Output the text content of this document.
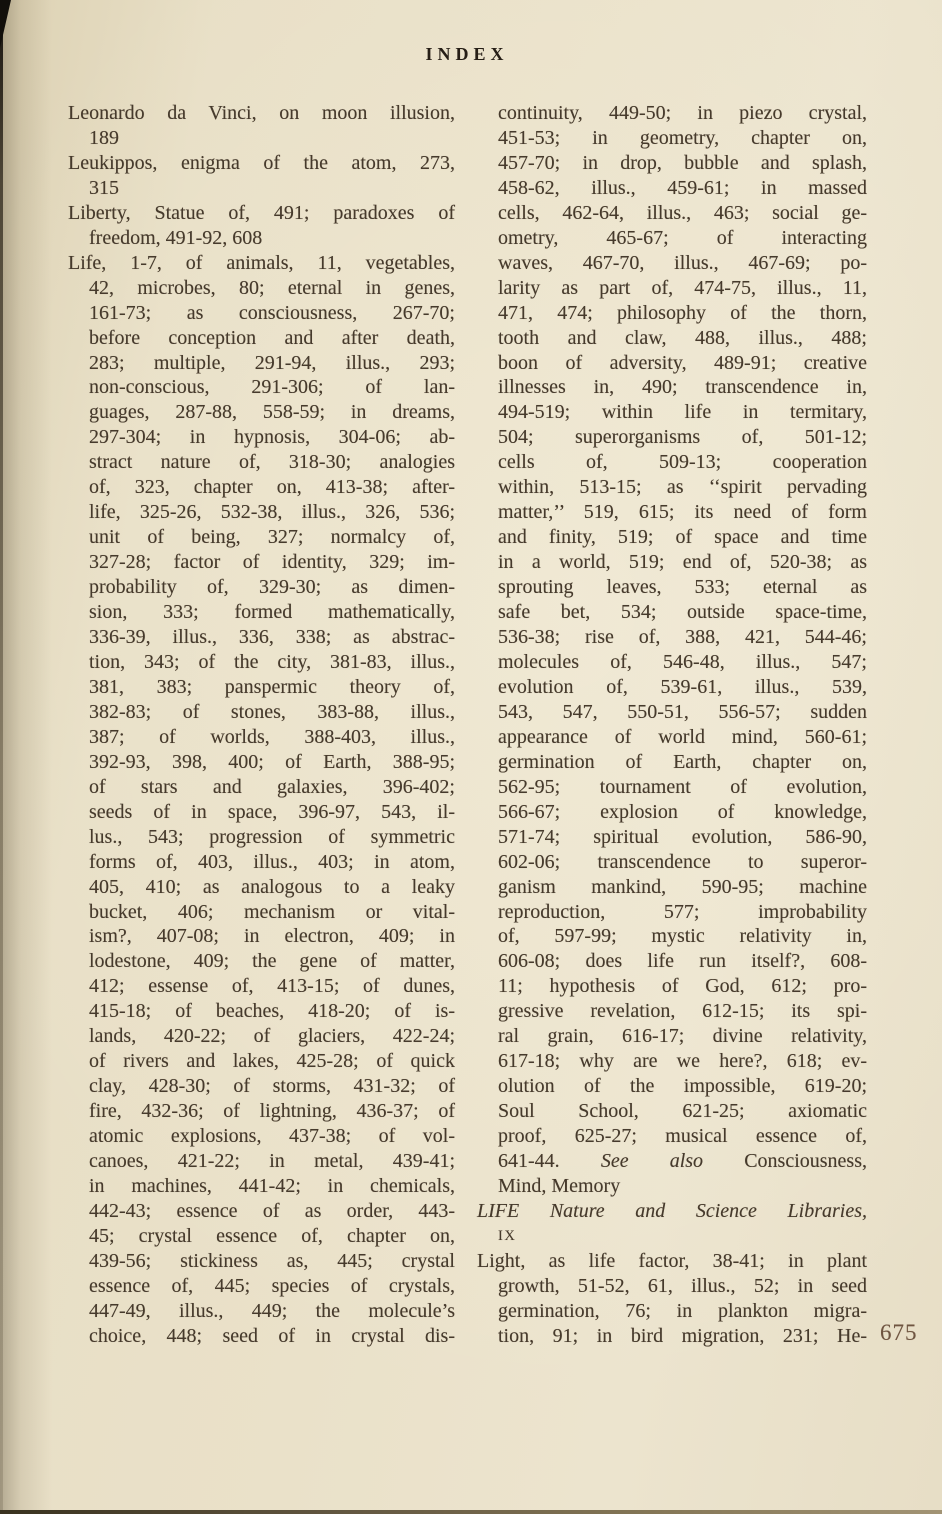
INDEX
Leonardo da Vinci, on moon illusion,
189
Leukippos, enigma of the atom, 273,
315
Liberty, Statue of, 491; paradoxes of
freedom, 491-92, 608
Life, 1-7, of animals, 11, vegetables,
42, microbes, 80; eternal in genes,
161-73; as consciousness, 267-70;
before conception and after death,
283; multiple, 291-94, illus., 293;
non-conscious, 291-306; of lan-
guages, 287-88, 558-59; in dreams,
297-304; in hypnosis, 304-06; ab-
stract nature of, 318-30; analogies
of, 323, chapter on, 413-38; after-
life, 325-26, 532-38, illus., 326, 536;
unit of being, 327; normalcy of,
327-28; factor of identity, 329; im-
probability of, 329-30; as dimen-
sion, 333; formed mathematically,
336-39, illus., 336, 338; as abstrac-
tion, 343; of the city, 381-83, illus.,
381, 383; panspermic theory of,
382-83; of stones, 383-88, illus.,
387; of worlds, 388-403, illus.,
392-93, 398, 400; of Earth, 388-95;
of stars and galaxies, 396-402;
seeds of in space, 396-97, 543, il-
lus., 543; progression of symmetric
forms of, 403, illus., 403; in atom,
405, 410; as analogous to a leaky
bucket, 406; mechanism or vital-
ism?, 407-08; in electron, 409; in
lodestone, 409; the gene of matter,
412; essense of, 413-15; of dunes,
415-18; of beaches, 418-20; of is-
lands, 420-22; of glaciers, 422-24;
of rivers and lakes, 425-28; of quick
clay, 428-30; of storms, 431-32; of
fire, 432-36; of lightning, 436-37; of
atomic explosions, 437-38; of vol-
canoes, 421-22; in metal, 439-41;
in machines, 441-42; in chemicals,
442-43; essence of as order, 443-
45; crystal essence of, chapter on,
439-56; stickiness as, 445; crystal
essence of, 445; species of crystals,
447-49, illus., 449; the molecule’s
choice, 448; seed of in crystal dis-
continuity, 449-50; in piezo crystal,
451-53; in geometry, chapter on,
457-70; in drop, bubble and splash,
458-62, illus., 459-61; in massed
cells, 462-64, illus., 463; social ge-
ometry, 465-67; of interacting
waves, 467-70, illus., 467-69; po-
larity as part of, 474-75, illus., 11,
471, 474; philosophy of the thorn,
tooth and claw, 488, illus., 488;
boon of adversity, 489-91; creative
illnesses in, 490; transcendence in,
494-519; within life in termitary,
504; superorganisms of, 501-12;
cells of, 509-13; cooperation
within, 513-15; as ‘‘spirit pervading
matter,’’ 519, 615; its need of form
and finity, 519; of space and time
in a world, 519; end of, 520-38; as
sprouting leaves, 533; eternal as
safe bet, 534; outside space-time,
536-38; rise of, 388, 421, 544-46;
molecules of, 546-48, illus., 547;
evolution of, 539-61, illus., 539,
543, 547, 550-51, 556-57; sudden
appearance of world mind, 560-61;
germination of Earth, chapter on,
562-95; tournament of evolution,
566-67; explosion of knowledge,
571-74; spiritual evolution, 586-90,
602-06; transcendence to superor-
ganism mankind, 590-95; machine
reproduction, 577; improbability
of, 597-99; mystic relativity in,
606-08; does life run itself?, 608-
11; hypothesis of God, 612; pro-
gressive revelation, 612-15; its spi-
ral grain, 616-17; divine relativity,
617-18; why are we here?, 618; ev-
olution of the impossible, 619-20;
Soul School, 621-25; axiomatic
proof, 625-27; musical essence of,
641-44. See also Consciousness,
Mind, Memory
LIFE Nature and Science Libraries,
IX
Light, as life factor, 38-41; in plant
growth, 51-52, 61, illus., 52; in seed
germination, 76; in plankton migra-
tion, 91; in bird migration, 231; He- 675
